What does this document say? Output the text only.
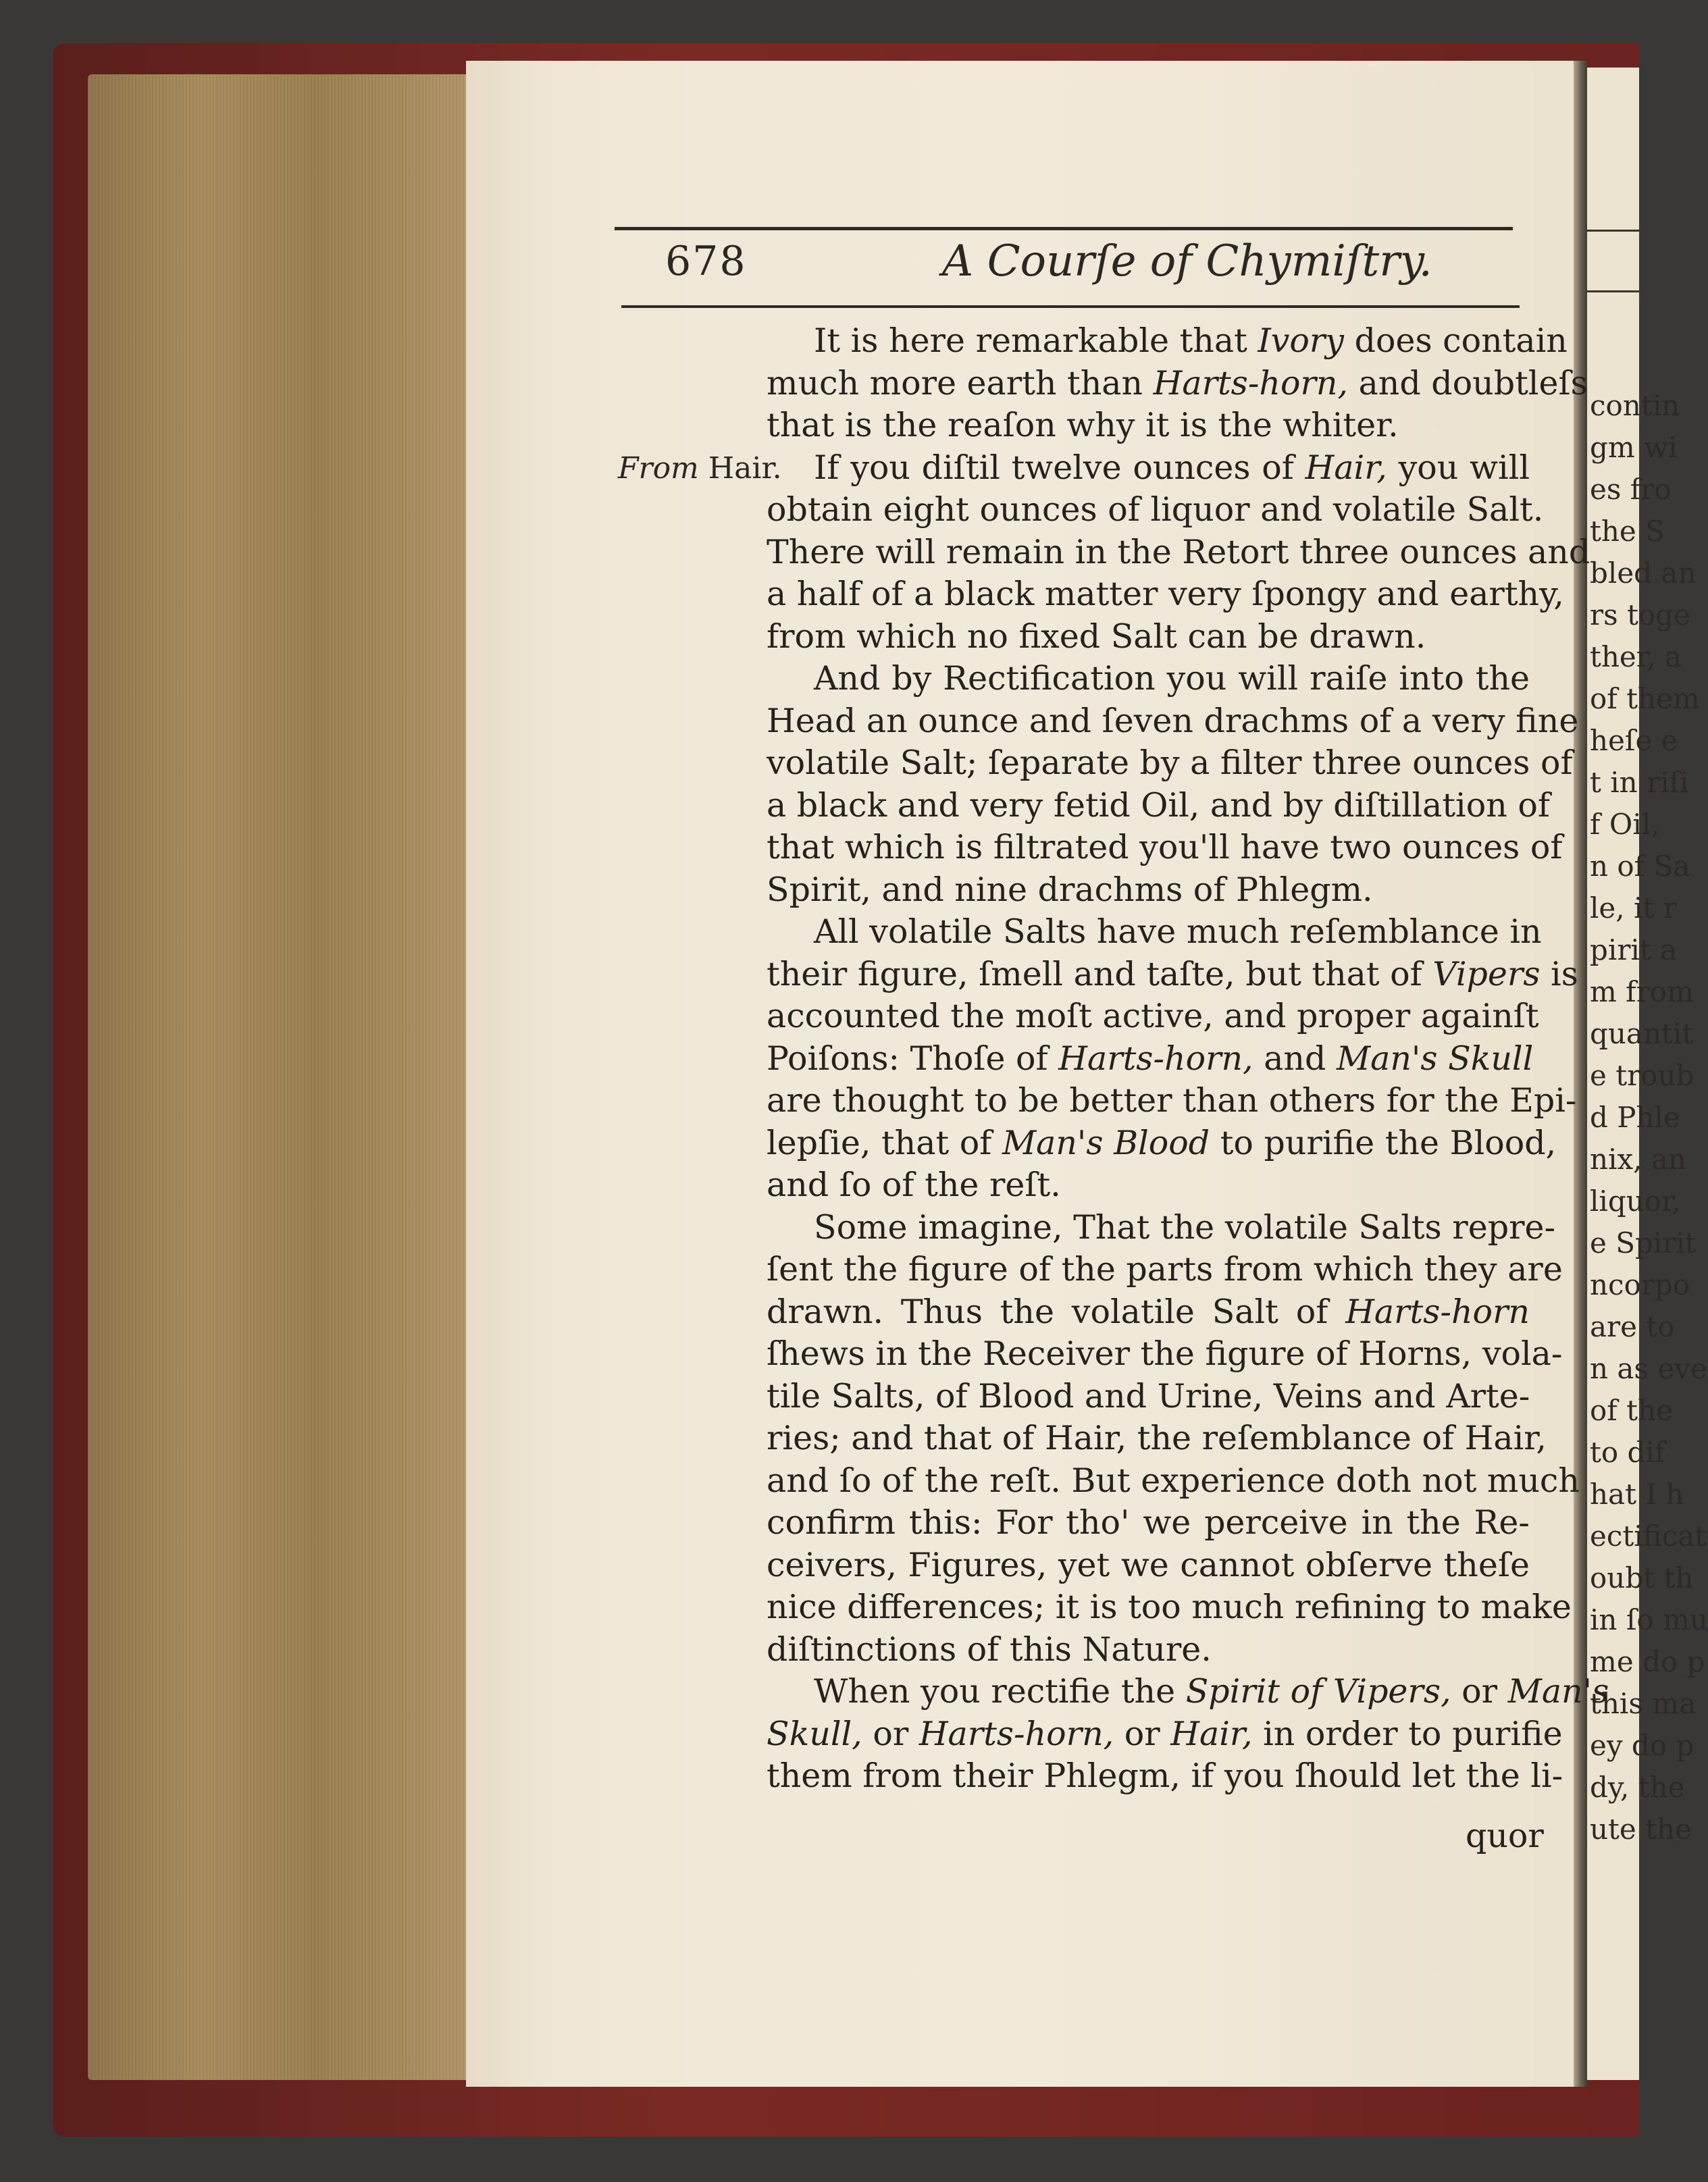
contin
gm wi
es fro
the S
bled an
rs toge
ther, a
of them
heſe e
t in riſi
f Oil,
n of Sa
le, it r
pirit a
m from
quantit
e troub
d Phle
nix, an
liquor,
e Spirit
ncorpo
are to
n as eve
of the
to dif
hat I h
ectificat
oubt th
in ſo mu
me do p
this ma
ey do p
dy, the
ute the
678	A Courſe of Chymiſtry.
From Hair.
It is here remarkable that Ivory does contain
much more earth than Harts-horn, and doubtleſs
that is the reaſon why it is the whiter.
If you diſtil twelve ounces of Hair, you will
obtain eight ounces of liquor and volatile Salt.
There will remain in the Retort three ounces and
a half of a black matter very ſpongy and earthy,
from which no fixed Salt can be drawn.
And by Rectification you will raiſe into the
Head an ounce and ſeven drachms of a very fine
volatile Salt; ſeparate by a filter three ounces of
a black and very fetid Oil, and by diſtillation of
that which is filtrated you'll have two ounces of
Spirit, and nine drachms of Phlegm.
All volatile Salts have much reſemblance in
their figure, ſmell and taſte, but that of Vipers is
accounted the moſt active, and proper againſt
Poiſons: Thoſe of Harts-horn, and Man's Skull
are thought to be better than others for the Epi-
lepſie, that of Man's Blood to purifie the Blood,
and ſo of the reſt.
Some imagine, That the volatile Salts repre-
ſent the figure of the parts from which they are
drawn. Thus the volatile Salt of Harts-horn
ſhews in the Receiver the figure of Horns, vola-
tile Salts, of Blood and Urine, Veins and Arte-
ries; and that of Hair, the reſemblance of Hair,
and ſo of the reſt. But experience doth not much
confirm this: For tho' we perceive in the Re-
ceivers, Figures, yet we cannot obſerve theſe
nice differences; it is too much refining to make
diſtinctions of this Nature.
When you rectifie the Spirit of Vipers, or Man's
Skull, or Harts-horn, or Hair, in order to purifie
them from their Phlegm, if you ſhould let the li-
quor
